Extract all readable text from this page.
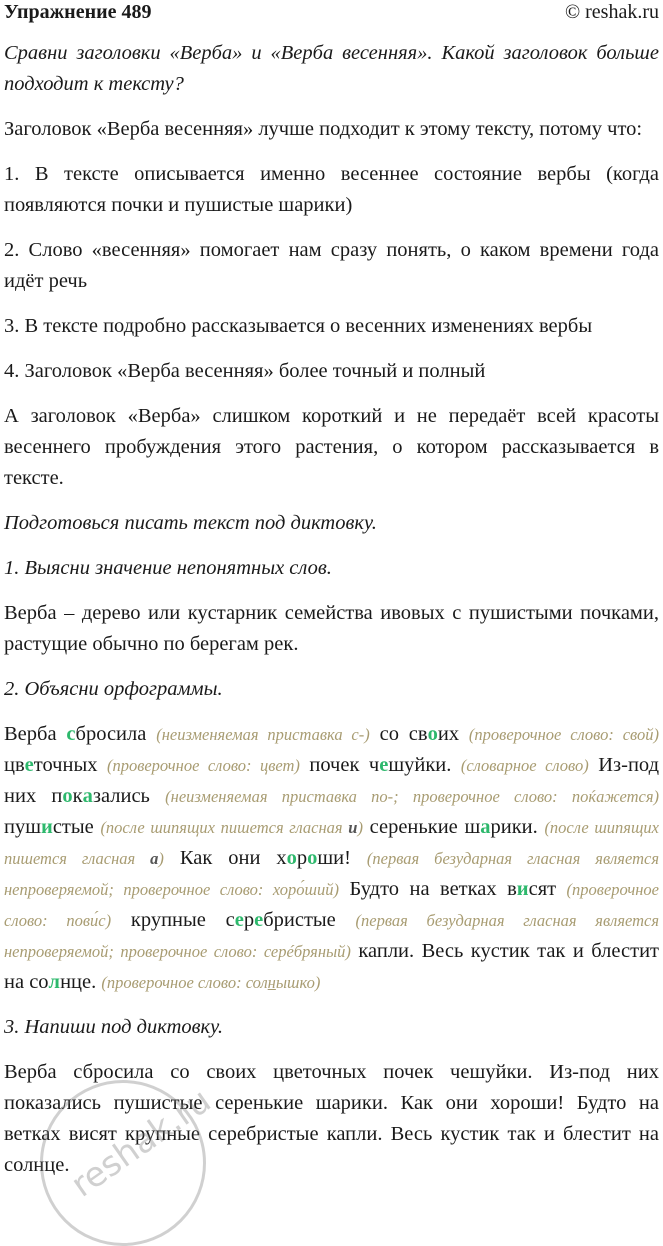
Упражнение 489	© reshak.ru

Сравни заголовки «Верба» и «Верба весенняя». Какой заголовок больше подходит к тексту?

Заголовок «Верба весенняя» лучше подходит к этому тексту, потому что:

1. В тексте описывается именно весеннее состояние вербы (когда появляются почки и пушистые шарики)

2. Слово «весенняя» помогает нам сразу понять, о каком времени года идёт речь

3. В тексте подробно рассказывается о весенних изменениях вербы

4. Заголовок «Верба весенняя» более точный и полный

А заголовок «Верба» слишком короткий и не передаёт всей красоты весеннего пробуждения этого растения, о котором рассказывается в тексте.

Подготовься писать текст под диктовку.

1. Выясни значение непонятных слов.

Верба – дерево или кустарник семейства ивовых с пушистыми почками, растущие обычно по берегам рек.

2. Объясни орфограммы.

Верба сбросила (неизменяемая приставка с-) со своих (проверочное слово: свой) цветочных (проверочное слово: цвет) почек чешуйки. (словарное слово) Из-под них показались (неизменяемая приставка по-; проверочное слово: поќажется) пушистые (после шипящих пишется гласная и) серенькие шарики. (после шипящих пишется гласная а) Как они хороши! (первая безударная гласная является непроверяемой; проверочное слово: хоро́ший) Будто на ветках висят (проверочное слово: пови́с) крупные серебристые (первая безударная гласная является непроверяемой; проверочное слово: серéбряный) капли. Весь кустик так и блестит на солнце. (проверочное слово: солнышко)

3. Напиши под диктовку.

Верба сбросила со своих цветочных почек чешуйки. Из-под них показались пушистые серенькие шарики. Как они хороши! Будто на ветках висят крупные серебристые капли. Весь кустик так и блестит на солнце.

reshak.ru
